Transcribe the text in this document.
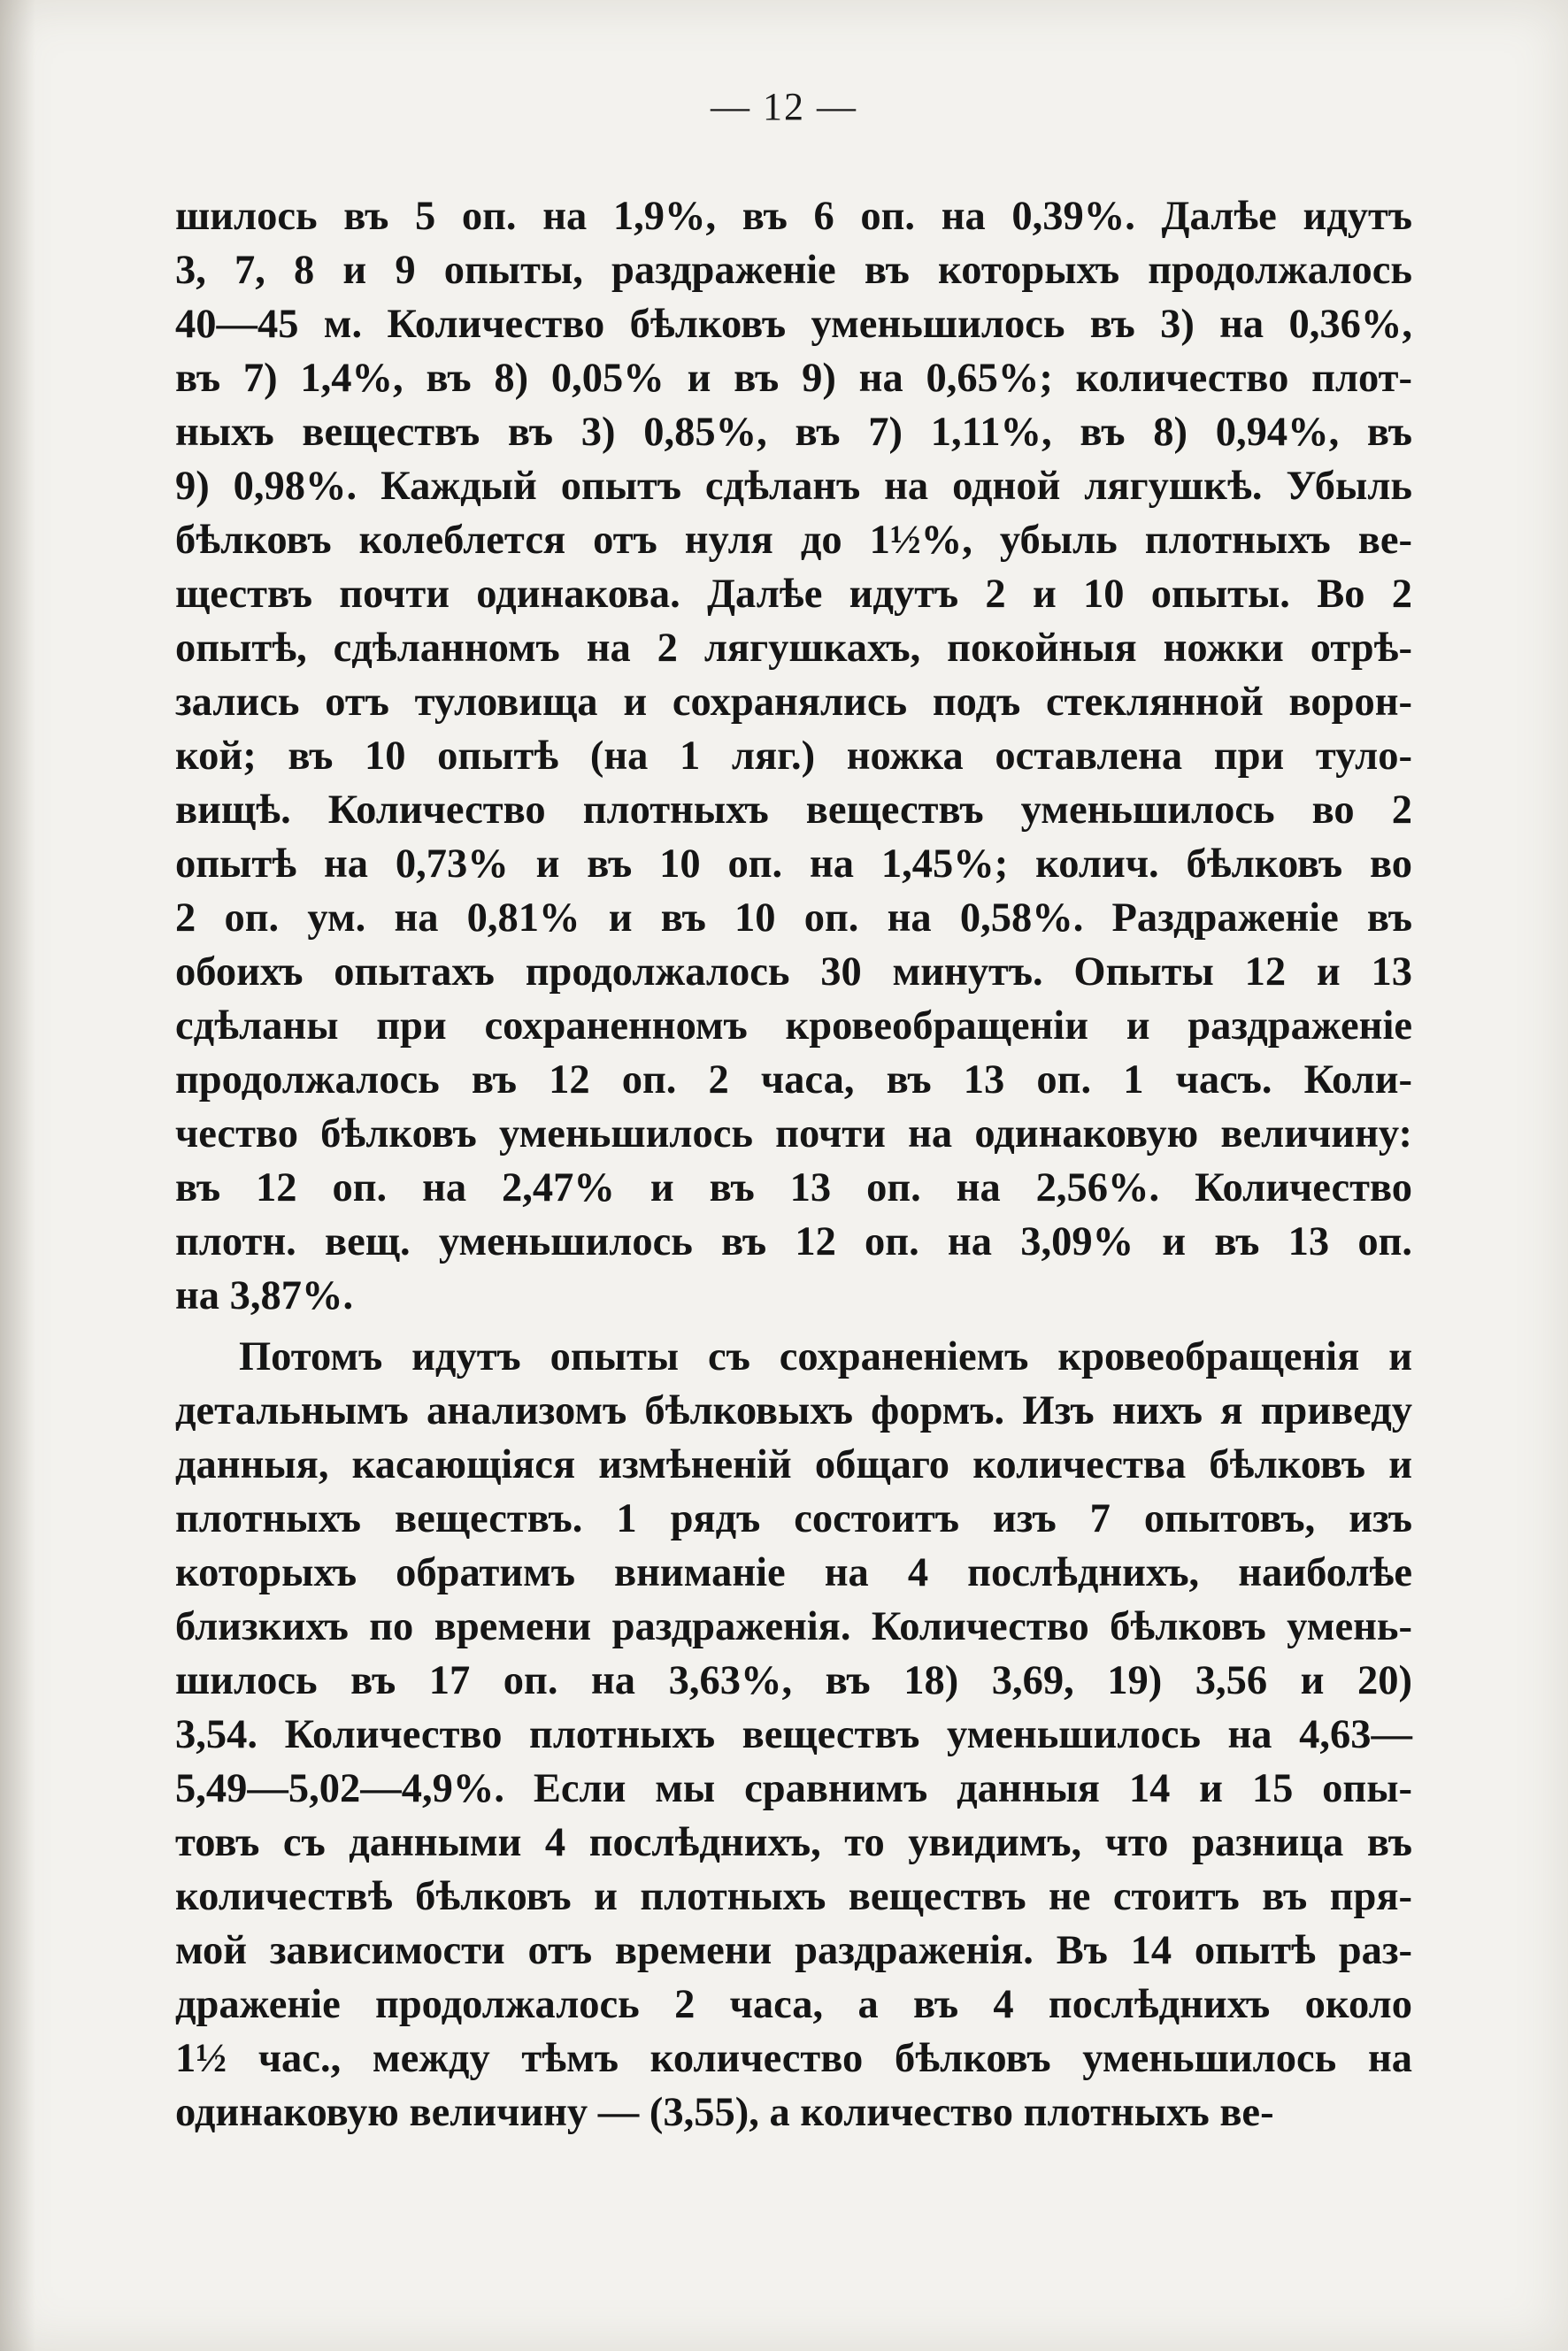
— 12 —
шилось въ 5 оп. на 1,9%, въ 6 оп. на 0,39%. Далѣе идутъ
3, 7, 8 и 9 опыты, раздраженіе въ которыхъ продолжалось
40—45 м. Количество бѣлковъ уменьшилось въ 3) на 0,36%,
въ 7) 1,4%, въ 8) 0,05% и въ 9) на 0,65%; количество плот-
ныхъ веществъ въ 3) 0,85%, въ 7) 1,11%, въ 8) 0,94%, въ
9) 0,98%. Каждый опытъ сдѣланъ на одной лягушкѣ. Убыль
бѣлковъ колеблется отъ нуля до 1½%, убыль плотныхъ ве-
ществъ почти одинакова. Далѣе идутъ 2 и 10 опыты. Во 2
опытѣ, сдѣланномъ на 2 лягушкахъ, покойныя ножки отрѣ-
зались отъ туловища и сохранялись подъ стеклянной ворон-
кой; въ 10 опытѣ (на 1 ляг.) ножка оставлена при туло-
вищѣ. Количество плотныхъ веществъ уменьшилось во 2
опытѣ на 0,73% и въ 10 оп. на 1,45%; колич. бѣлковъ во
2 оп. ум. на 0,81% и въ 10 оп. на 0,58%. Раздраженіе въ
обоихъ опытахъ продолжалось 30 минутъ. Опыты 12 и 13
сдѣланы при сохраненномъ кровеобращеніи и раздраженіе
продолжалось въ 12 оп. 2 часа, въ 13 оп. 1 часъ. Коли-
чество бѣлковъ уменьшилось почти на одинаковую величину:
въ 12 оп. на 2,47% и въ 13 оп. на 2,56%. Количество
плотн. вещ. уменьшилось въ 12 оп. на 3,09% и въ 13 оп.
на 3,87%.
Потомъ идутъ опыты съ сохраненіемъ кровеобращенія и
детальнымъ анализомъ бѣлковыхъ формъ. Изъ нихъ я приведу
данныя, касающіяся измѣненій общаго количества бѣлковъ и
плотныхъ веществъ. 1 рядъ состоитъ изъ 7 опытовъ, изъ
которыхъ обратимъ вниманіе на 4 послѣднихъ, наиболѣе
близкихъ по времени раздраженія. Количество бѣлковъ умень-
шилось въ 17 оп. на 3,63%, въ 18) 3,69, 19) 3,56 и 20)
3,54. Количество плотныхъ веществъ уменьшилось на 4,63—
5,49—5,02—4,9%. Если мы сравнимъ данныя 14 и 15 опы-
товъ съ данными 4 послѣднихъ, то увидимъ, что разница въ
количествѣ бѣлковъ и плотныхъ веществъ не стоитъ въ пря-
мой зависимости отъ времени раздраженія. Въ 14 опытѣ раз-
драженіе продолжалось 2 часа, а въ 4 послѣднихъ около
1½ час., между тѣмъ количество бѣлковъ уменьшилось на
одинаковую величину — (3,55), а количество плотныхъ ве-
